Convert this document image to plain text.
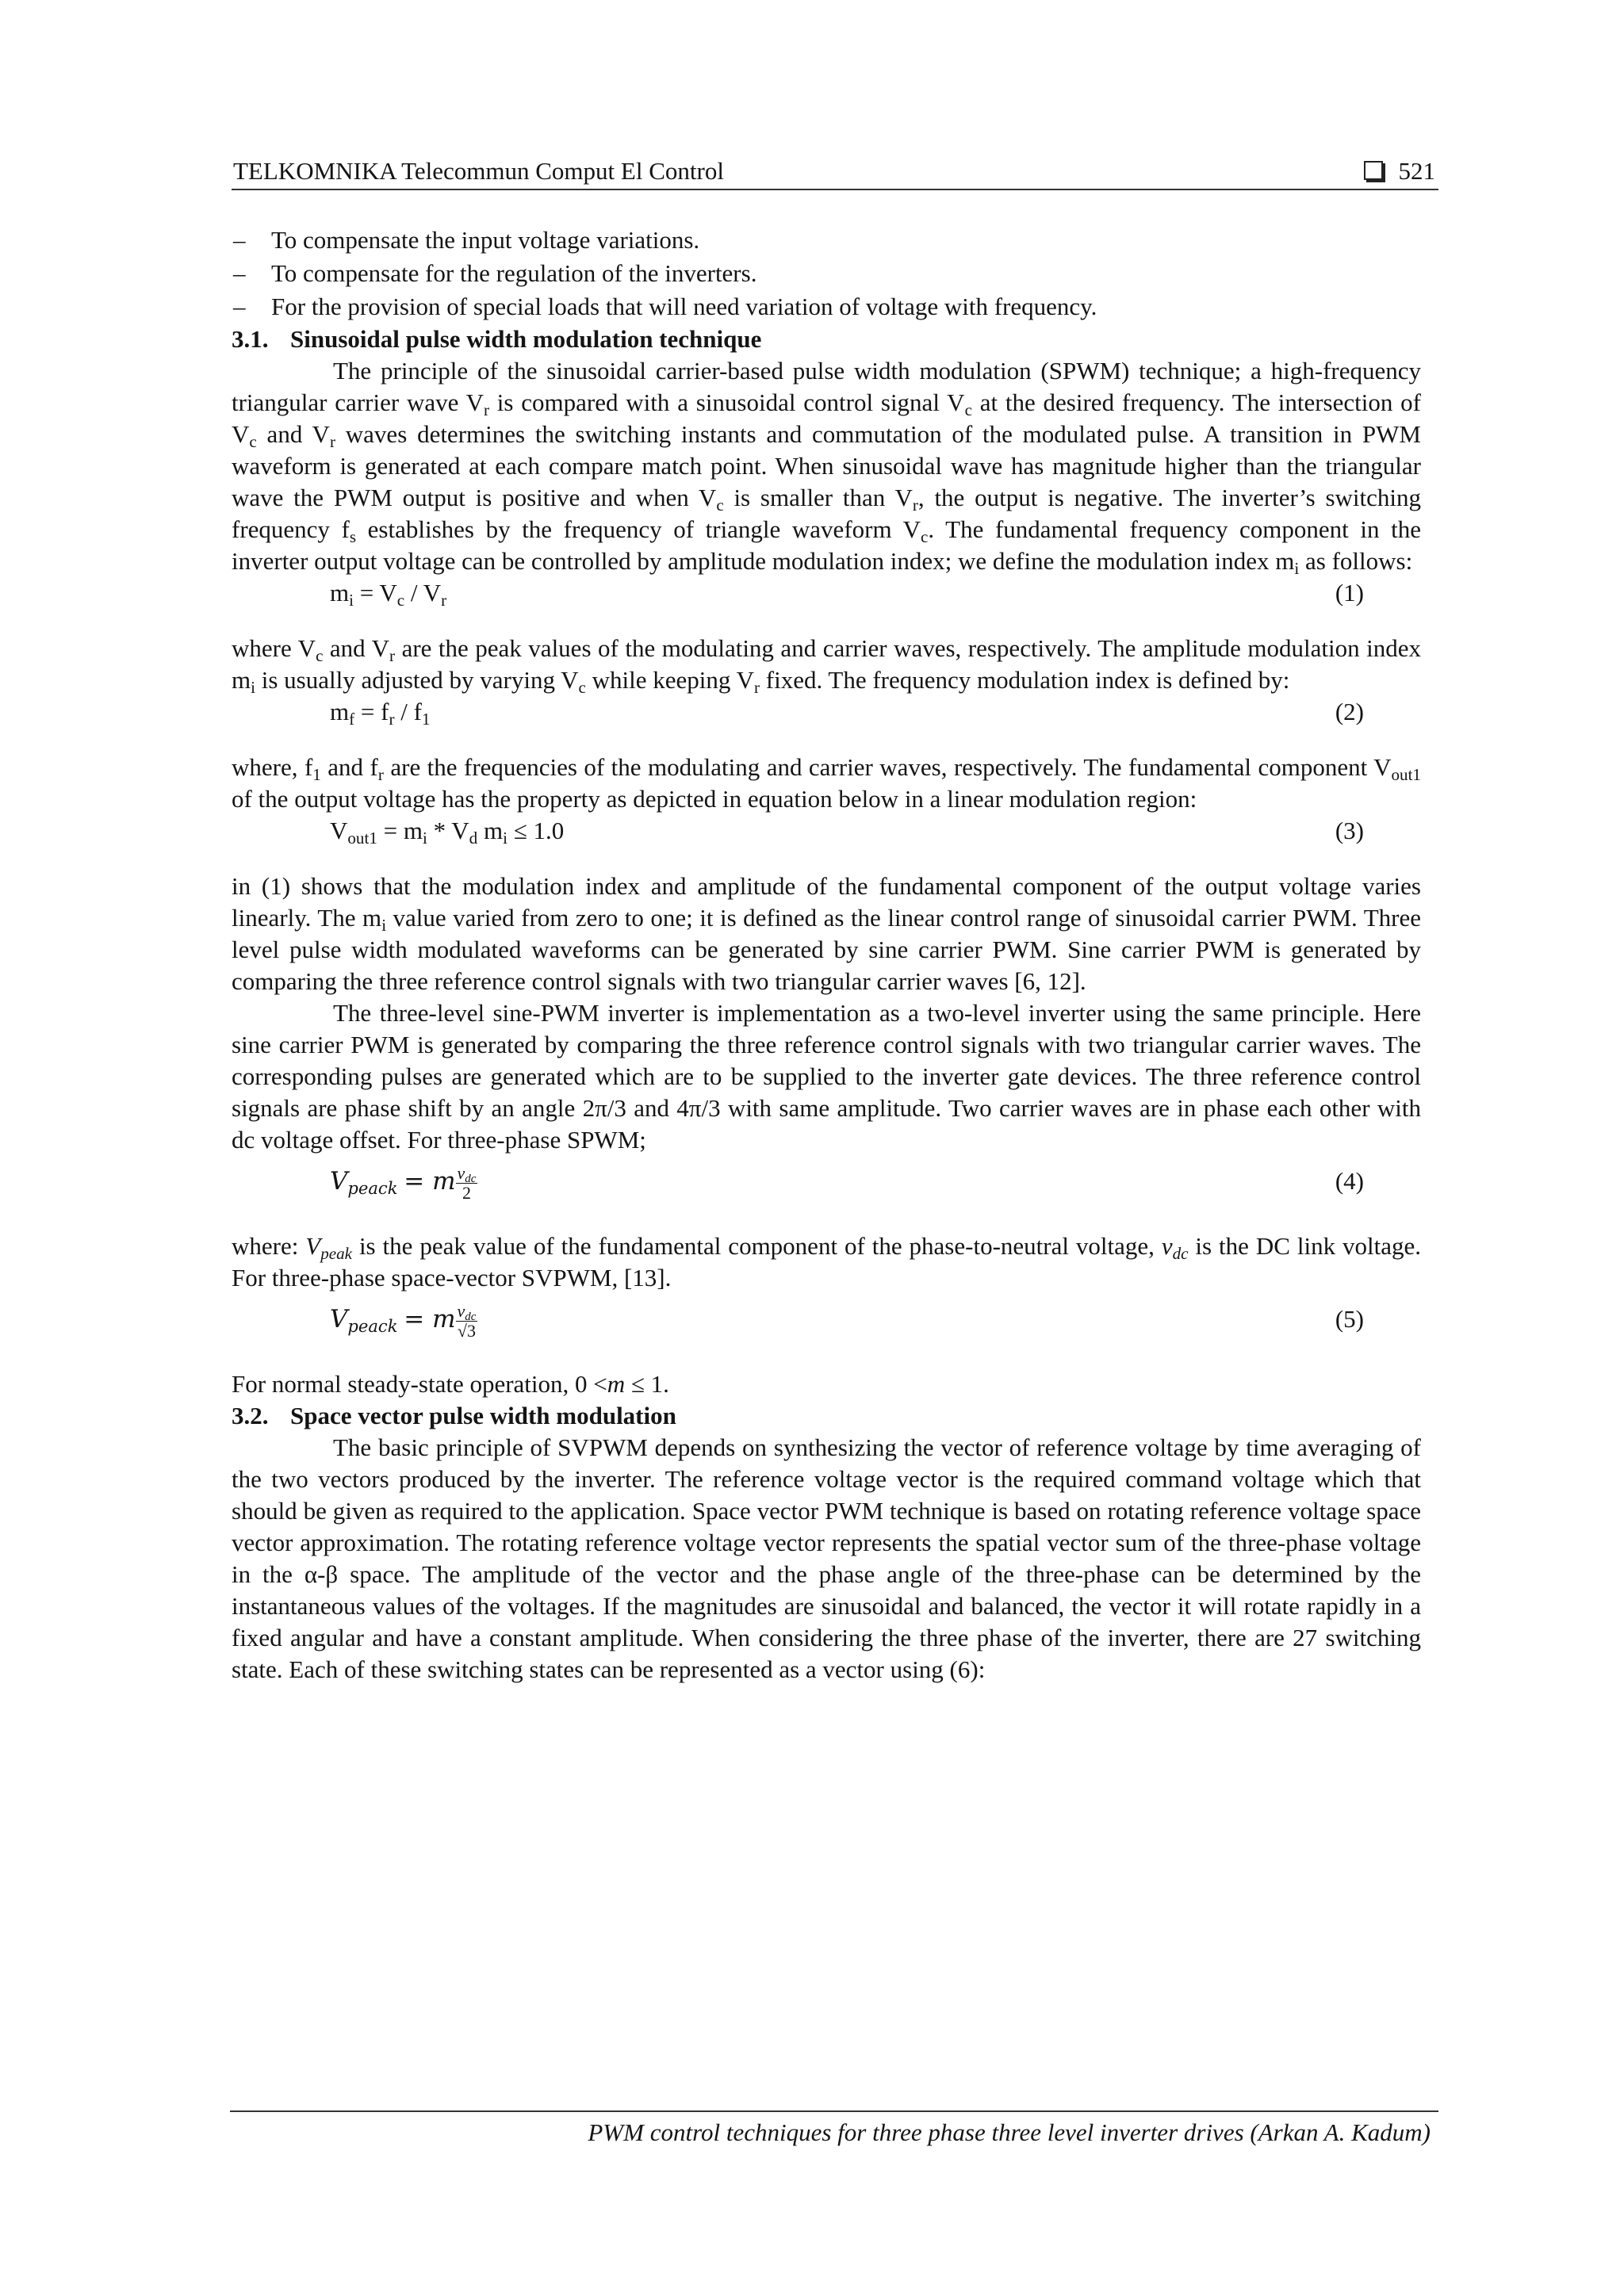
TELKOMNIKA Telecommun Comput El Control	521
– To compensate the input voltage variations.
– To compensate for the regulation of the inverters.
– For the provision of special loads that will need variation of voltage with frequency.
3.1. Sinusoidal pulse width modulation technique

The principle of the sinusoidal carrier-based pulse width modulation (SPWM) technique; a high-frequency triangular carrier wave $V_r$ is compared with a sinusoidal control signal $V_c$ at the desired frequency. The intersection of $V_c$ and $V_r$ waves determines the switching instants and commutation of the modulated pulse. A transition in PWM waveform is generated at each compare match point. When sinusoidal wave has magnitude higher than the triangular wave the PWM output is positive and when $V_c$ is smaller than $V_r$, the output is negative. The inverter’s switching frequency $f_s$ establishes by the frequency of triangle waveform $V_c$. The fundamental frequency component in the inverter output voltage can be controlled by amplitude modulation index; we define the modulation index $m_i$ as follows:

$m_i = V_c / V_r$	(1)

where $V_c$ and $V_r$ are the peak values of the modulating and carrier waves, respectively. The amplitude modulation index $m_i$ is usually adjusted by varying $V_c$ while keeping $V_r$ fixed. The frequency modulation index is defined by:

$m_f = f_r / f_1$	(2)

where, $f_1$ and $f_r$ are the frequencies of the modulating and carrier waves, respectively. The fundamental component $V_{out1}$ of the output voltage has the property as depicted in equation below in a linear modulation region:

$V_{out1} = m_i * V_d$ $m_i \le 1.0$	(3)

in (1) shows that the modulation index and amplitude of the fundamental component of the output voltage varies linearly. The $m_i$ value varied from zero to one; it is defined as the linear control range of sinusoidal carrier PWM. Three level pulse width modulated waveforms can be generated by sine carrier PWM. Sine carrier PWM is generated by comparing the three reference control signals with two triangular carrier waves [6, 12].

The three-level sine-PWM inverter is implementation as a two-level inverter using the same principle. Here sine carrier PWM is generated by comparing the three reference control signals with two triangular carrier waves. The corresponding pulses are generated which are to be supplied to the inverter gate devices. The three reference control signals are phase shift by an angle 2π/3 and 4π/3 with same amplitude. Two carrier waves are in phase each other with dc voltage offset. For three-phase SPWM;

$V_{peack} = m \frac{v_{dc}}{2}$	(4)

where: $V_{peak}$ is the peak value of the fundamental component of the phase-to-neutral voltage, $v_{dc}$ is the DC link voltage. For three-phase space-vector SVPWM, [13].

$V_{peack} = m \frac{v_{dc}}{√3}$	(5)

For normal steady-state operation, 0 <m ≤ 1.

3.2. Space vector pulse width modulation

The basic principle of SVPWM depends on synthesizing the vector of reference voltage by time averaging of the two vectors produced by the inverter. The reference voltage vector is the required command voltage which that should be given as required to the application. Space vector PWM technique is based on rotating reference voltage space vector approximation. The rotating reference voltage vector represents the spatial vector sum of the three-phase voltage in the α-β space. The amplitude of the vector and the phase angle of the three-phase can be determined by the instantaneous values of the voltages. If the magnitudes are sinusoidal and balanced, the vector it will rotate rapidly in a fixed angular and have a constant amplitude. When considering the three phase of the inverter, there are 27 switching state. Each of these switching states can be represented as a vector using (6):

PWM control techniques for three phase three level inverter drives (Arkan A. Kadum)
